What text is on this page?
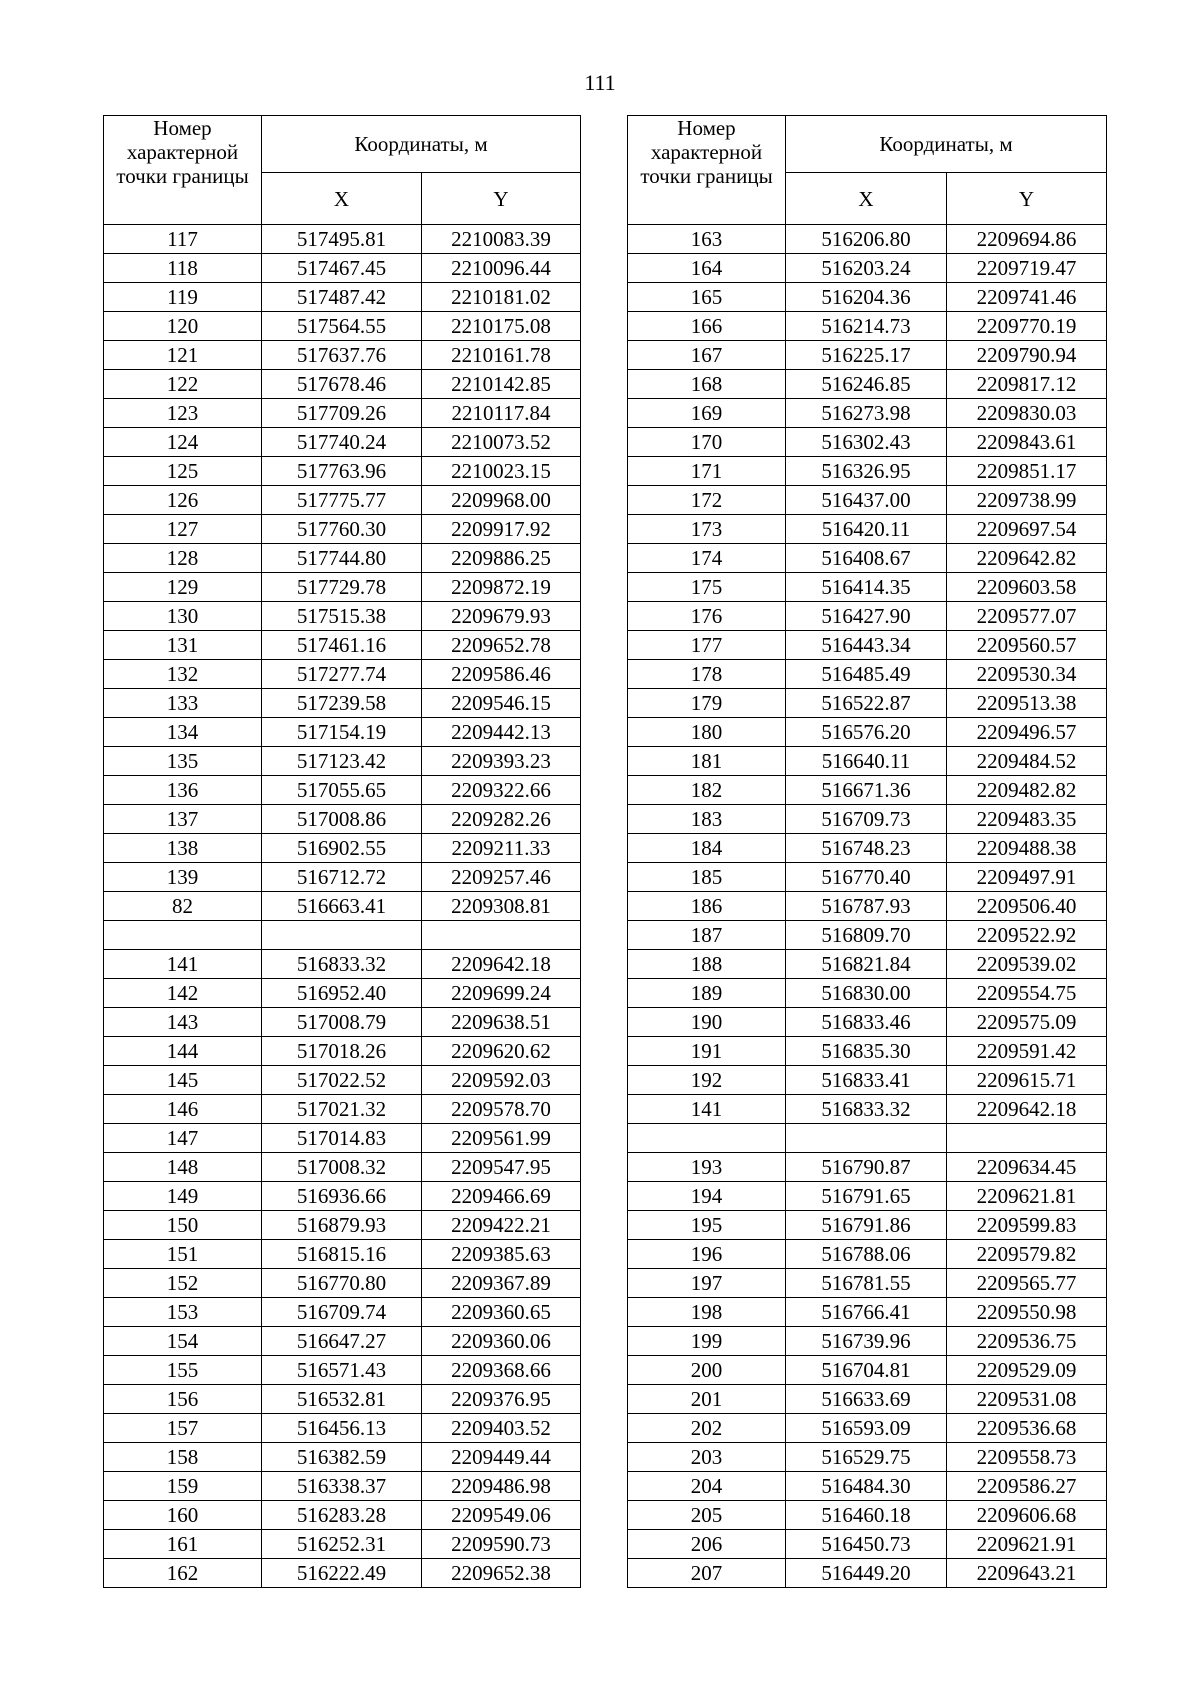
111
Номер характерной точки границы	Координаты, м	
	X	Y
117	517495.81	2210083.39
118	517467.45	2210096.44
119	517487.42	2210181.02
120	517564.55	2210175.08
121	517637.76	2210161.78
122	517678.46	2210142.85
123	517709.26	2210117.84
124	517740.24	2210073.52
125	517763.96	2210023.15
126	517775.77	2209968.00
127	517760.30	2209917.92
128	517744.80	2209886.25
129	517729.78	2209872.19
130	517515.38	2209679.93
131	517461.16	2209652.78
132	517277.74	2209586.46
133	517239.58	2209546.15
134	517154.19	2209442.13
135	517123.42	2209393.23
136	517055.65	2209322.66
137	517008.86	2209282.26
138	516902.55	2209211.33
139	516712.72	2209257.46
82	516663.41	2209308.81

141	516833.32	2209642.18
142	516952.40	2209699.24
143	517008.79	2209638.51
144	517018.26	2209620.62
145	517022.52	2209592.03
146	517021.32	2209578.70
147	517014.83	2209561.99
148	517008.32	2209547.95
149	516936.66	2209466.69
150	516879.93	2209422.21
151	516815.16	2209385.63
152	516770.80	2209367.89
153	516709.74	2209360.65
154	516647.27	2209360.06
155	516571.43	2209368.66
156	516532.81	2209376.95
157	516456.13	2209403.52
158	516382.59	2209449.44
159	516338.37	2209486.98
160	516283.28	2209549.06
161	516252.31	2209590.73
162	516222.49	2209652.38
Номер характерной точки границы	Координаты, м	
	X	Y
163	516206.80	2209694.86
164	516203.24	2209719.47
165	516204.36	2209741.46
166	516214.73	2209770.19
167	516225.17	2209790.94
168	516246.85	2209817.12
169	516273.98	2209830.03
170	516302.43	2209843.61
171	516326.95	2209851.17
172	516437.00	2209738.99
173	516420.11	2209697.54
174	516408.67	2209642.82
175	516414.35	2209603.58
176	516427.90	2209577.07
177	516443.34	2209560.57
178	516485.49	2209530.34
179	516522.87	2209513.38
180	516576.20	2209496.57
181	516640.11	2209484.52
182	516671.36	2209482.82
183	516709.73	2209483.35
184	516748.23	2209488.38
185	516770.40	2209497.91
186	516787.93	2209506.40
187	516809.70	2209522.92
188	516821.84	2209539.02
189	516830.00	2209554.75
190	516833.46	2209575.09
191	516835.30	2209591.42
192	516833.41	2209615.71
141	516833.32	2209642.18

193	516790.87	2209634.45
194	516791.65	2209621.81
195	516791.86	2209599.83
196	516788.06	2209579.82
197	516781.55	2209565.77
198	516766.41	2209550.98
199	516739.96	2209536.75
200	516704.81	2209529.09
201	516633.69	2209531.08
202	516593.09	2209536.68
203	516529.75	2209558.73
204	516484.30	2209586.27
205	516460.18	2209606.68
206	516450.73	2209621.91
207	516449.20	2209643.21
